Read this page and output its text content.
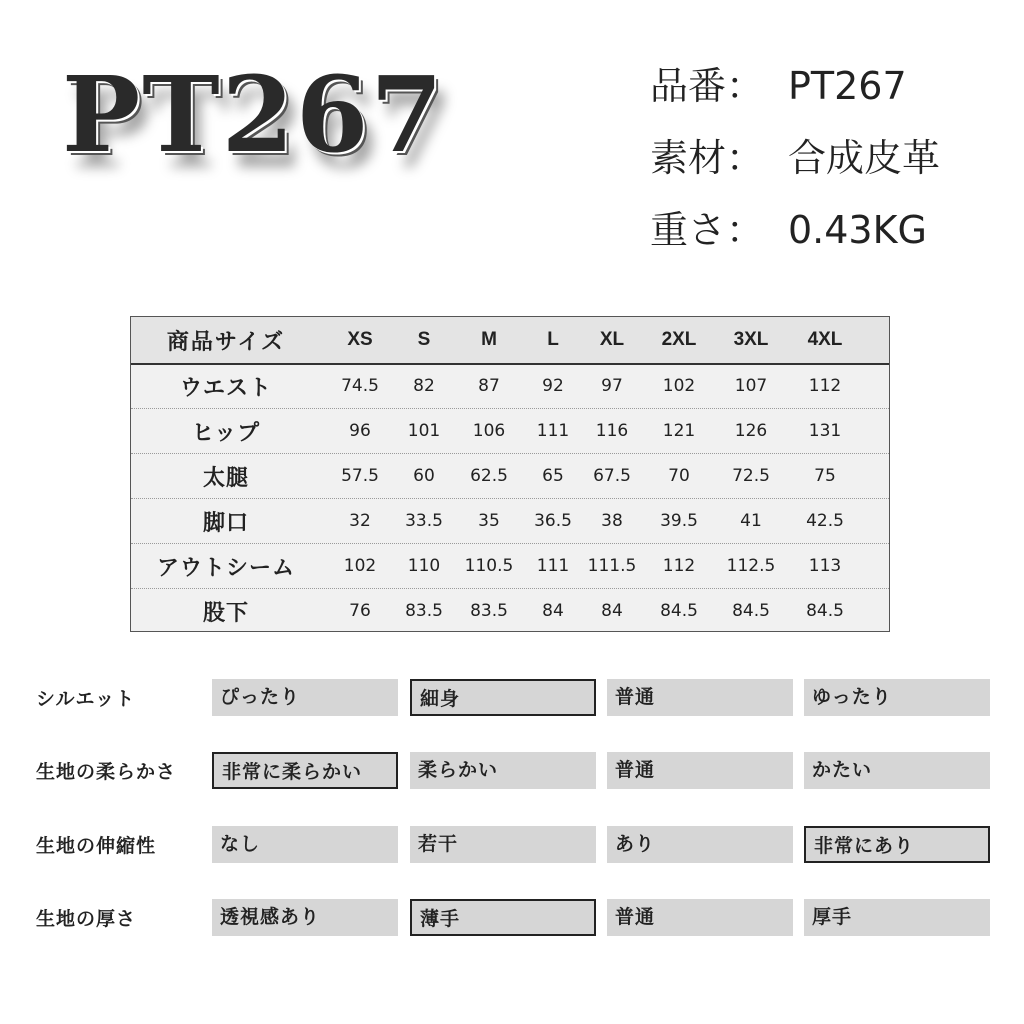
PT267	品番： PT267
素材： 合成皮革
重さ： 0.43KG
商品サイズ	XS	S	M	L	XL	2XL	3XL	4XL
ウエスト	74.5	82	87	92	97	102	107	112
ヒップ	96	101	106	111	116	121	126	131
太腿	57.5	60	62.5	65	67.5	70	72.5	75
脚口	32	33.5	35	36.5	38	39.5	41	42.5
アウトシーム	102	110	110.5	111	111.5	112	112.5	113
股下	76	83.5	83.5	84	84	84.5	84.5	84.5
シルエット	ぴったり	細身	普通	ゆったり
生地の柔らかさ	非常に柔らかい	柔らかい	普通	かたい
生地の伸縮性	なし	若干	あり	非常にあり
生地の厚さ	透視感あり	薄手	普通	厚手
